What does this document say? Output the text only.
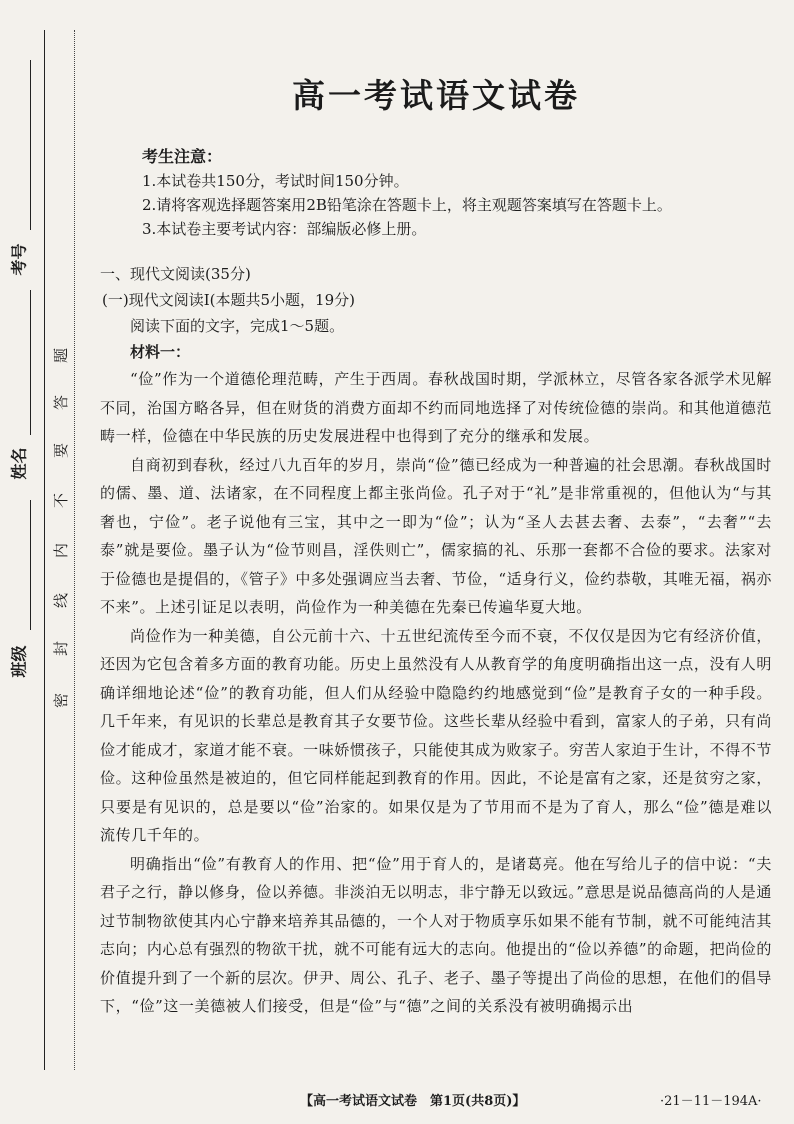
考号
姓名
班级
题
答
要
不
内
线
封
密
高一考试语文试卷
考生注意：
1.本试卷共150分，考试时间150分钟。
2.请将客观选择题答案用2B铅笔涂在答题卡上，将主观题答案填写在答题卡上。
3.本试卷主要考试内容：部编版必修上册。
一、现代文阅读(35分)
(一)现代文阅读Ⅰ(本题共5小题，19分)
阅读下面的文字，完成1～5题。
材料一：

“俭”作为一个道德伦理范畴，产生于西周。春秋战国时期，学派林立，尽管各家各派学术见解不同，治国方略各异，但在财货的消费方面却不约而同地选择了对传统俭德的崇尚。和其他道德范畴一样，俭德在中华民族的历史发展进程中也得到了充分的继承和发展。

自商初到春秋，经过八九百年的岁月，崇尚“俭”德已经成为一种普遍的社会思潮。春秋战国时的儒、墨、道、法诸家，在不同程度上都主张尚俭。孔子对于“礼”是非常重视的，但他认为“与其奢也，宁俭”。老子说他有三宝，其中之一即为“俭”；认为“圣人去甚去奢、去泰”，“去奢”“去泰”就是要俭。墨子认为“俭节则昌，淫佚则亡”，儒家搞的礼、乐那一套都不合俭的要求。法家对于俭德也是提倡的，《管子》中多处强调应当去奢、节俭，“适身行义，俭约恭敬，其唯无福，祸亦不来”。上述引证足以表明，尚俭作为一种美德在先秦已传遍华夏大地。

尚俭作为一种美德，自公元前十六、十五世纪流传至今而不衰，不仅仅是因为它有经济价值，还因为它包含着多方面的教育功能。历史上虽然没有人从教育学的角度明确指出这一点，没有人明确详细地论述“俭”的教育功能，但人们从经验中隐隐约约地感觉到“俭”是教育子女的一种手段。几千年来，有见识的长辈总是教育其子女要节俭。这些长辈从经验中看到，富家人的子弟，只有尚俭才能成才，家道才能不衰。一味娇惯孩子，只能使其成为败家子。穷苦人家迫于生计，不得不节俭。这种俭虽然是被迫的，但它同样能起到教育的作用。因此，不论是富有之家，还是贫穷之家，只要是有见识的，总是要以“俭”治家的。如果仅是为了节用而不是为了育人，那么“俭”德是难以流传几千年的。

明确指出“俭”有教育人的作用、把“俭”用于育人的，是诸葛亮。他在写给儿子的信中说：“夫君子之行，静以修身，俭以养德。非淡泊无以明志，非宁静无以致远。”意思是说品德高尚的人是通过节制物欲使其内心宁静来培养其品德的，一个人对于物质享乐如果不能有节制，就不可能纯洁其志向；内心总有强烈的物欲干扰，就不可能有远大的志向。他提出的“俭以养德”的命题，把尚俭的价值提升到了一个新的层次。伊尹、周公、孔子、老子、墨子等提出了尚俭的思想，在他们的倡导下，“俭”这一美德被人们接受，但是“俭”与“德”之间的关系没有被明确揭示出

【高一考试语文试卷　第1页(共8页)】	·21－11－194A·
